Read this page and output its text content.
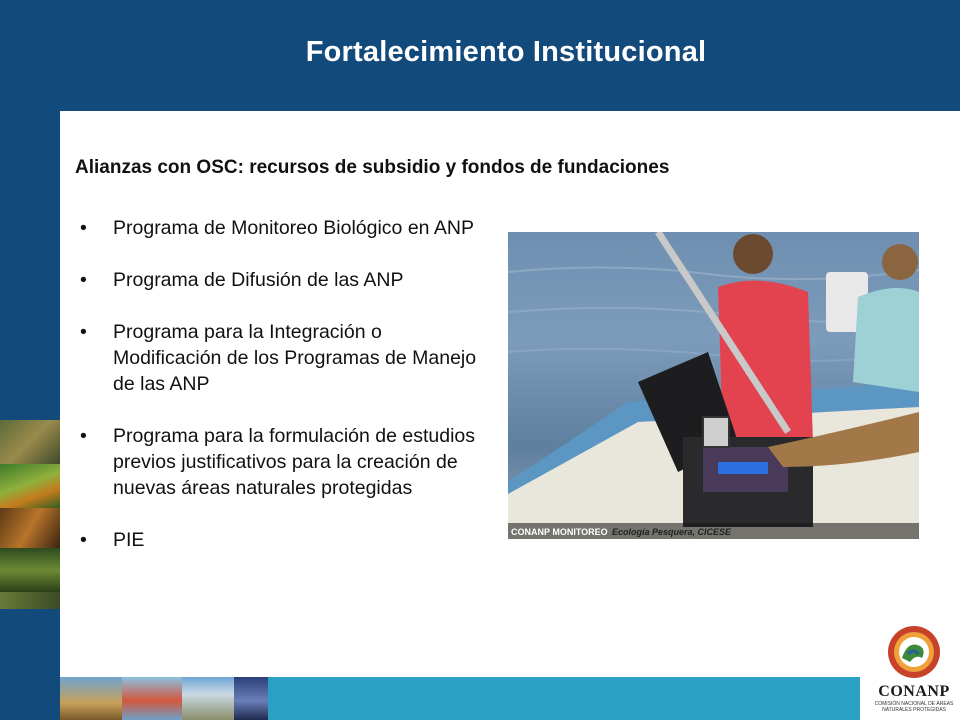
Fortalecimiento Institucional
Alianzas con OSC: recursos de subsidio y fondos de fundaciones
• Programa de Monitoreo Biológico en ANP
• Programa de Difusión de las ANP
• Programa para la Integración o Modificación de los Programas de Manejo de las ANP
• Programa para la formulación de estudios previos justificativos para la creación de nuevas áreas naturales protegidas
• PIE	CONANP MONITOREO Ecología Pesquera, CICESE
CONANP
COMISIÓN NACIONAL DE ÁREAS NATURALES PROTEGIDAS
